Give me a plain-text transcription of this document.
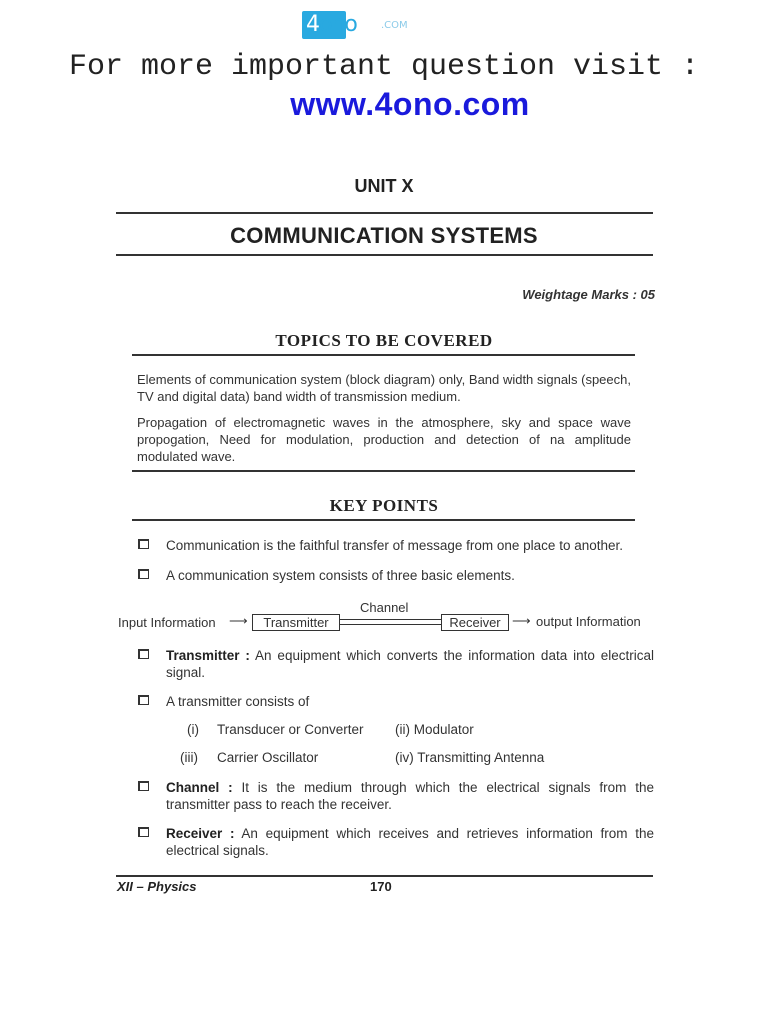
4ono .COM
For more important question visit :
www.4ono.com
UNIT X
COMMUNICATION SYSTEMS
Weightage Marks : 05
TOPICS TO BE COVERED
Elements of communication system (block diagram) only, Band width signals (speech, TV and digital data) band width of transmission medium.
Propagation of electromagnetic waves in the atmosphere, sky and space wave propogation, Need for modulation, production and detection of na amplitude modulated wave.
KEY POINTS
Communication is the faithful transfer of message from one place to another.
A communication system consists of three basic elements.
Input Information ⟶	Transmitter
Channel
Receiver ⟶ output Information
Transmitter : An equipment which converts the information data into electrical signal.
A transmitter consists of
(i) Transducer or Converter (ii) Modulator
(iii) Carrier Oscillator	(iv) Transmitting Antenna
Channel : It is the medium through which the electrical signals from the transmitter pass to reach the receiver.
Receiver : An equipment which receives and retrieves information from the electrical signals.
XII – Physics	170
